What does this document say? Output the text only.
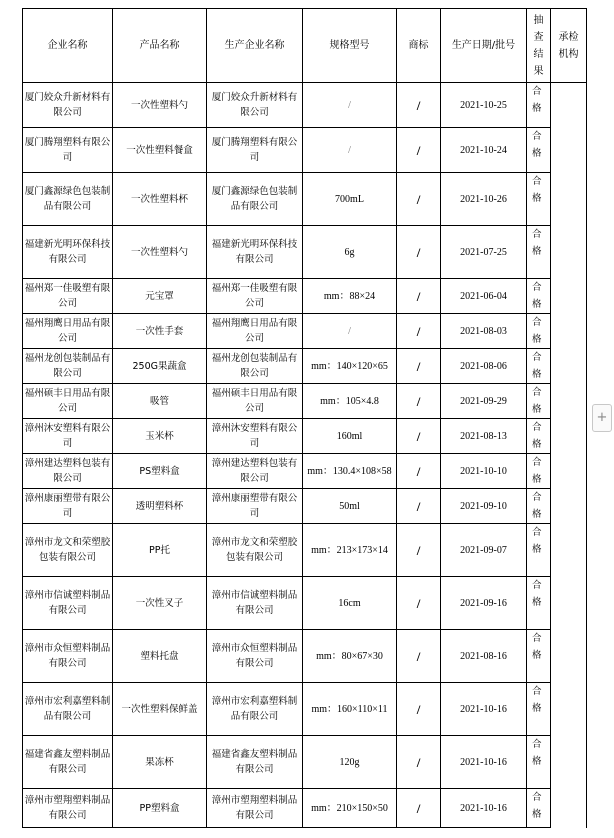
企业名称	产品名称	生产企业名称	规格型号	商标	生产日期/批号	抽查结果	承检机构
厦门姣众升新材料有限公司	一次性塑料勺	厦门姣众升新材料有限公司	/	/	2021-10-25	合格	
厦门腾翔塑料有限公司	一次性塑料餐盒	厦门腾翔塑料有限公司	/	/	2021-10-24	合格	
厦门鑫源绿色包装制品有限公司	一次性塑料杯	厦门鑫源绿色包装制品有限公司	700mL	/	2021-10-26	合格	
福建新光明环保科技有限公司	一次性塑料勺	福建新光明环保科技有限公司	6g	/	2021-07-25	合格	
福州郑一佳吸塑有限公司	元宝罩	福州郑一佳吸塑有限公司	mm：88×24	/	2021-06-04	合格	
福州翔鹰日用品有限公司	一次性手套	福州翔鹰日用品有限公司	/	/	2021-08-03	合格	
福州龙创包装制品有限公司	250G果蔬盒	福州龙创包装制品有限公司	mm：140×120×65	/	2021-08-06	合格	
福州硕丰日用品有限公司	吸管	福州硕丰日用品有限公司	mm：105×4.8	/	2021-09-29	合格	
漳州沐安塑料有限公司	玉米杯	漳州沐安塑料有限公司	160ml	/	2021-08-13	合格	
漳州建达塑料包装有限公司	PS塑料盒	漳州建达塑料包装有限公司	mm：130.4×108×58	/	2021-10-10	合格	
漳州康丽塑带有限公司	透明塑料杯	漳州康丽塑带有限公司	50ml	/	2021-09-10	合格	
漳州市龙文和荣塑胶包装有限公司	PP托	漳州市龙文和荣塑胶包装有限公司	mm：213×173×14	/	2021-09-07	合格	
漳州市信诚塑料制品有限公司	一次性叉子	漳州市信诚塑料制品有限公司	16cm	/	2021-09-16	合格	
漳州市众恒塑料制品有限公司	塑料托盘	漳州市众恒塑料制品有限公司	mm：80×67×30	/	2021-08-16	合格	
漳州市宏利嘉塑料制品有限公司	一次性塑料保鲜盖	漳州市宏利嘉塑料制品有限公司	mm：160×110×11	/	2021-10-16	合格	
福建省鑫友塑料制品有限公司	果冻杯	福建省鑫友塑料制品有限公司	120g	/	2021-10-16	合格	
漳州市塑翔塑料制品有限公司	PP塑料盒	漳州市塑翔塑料制品有限公司	mm：210×150×50	/	2021-10-16	合格	
+
